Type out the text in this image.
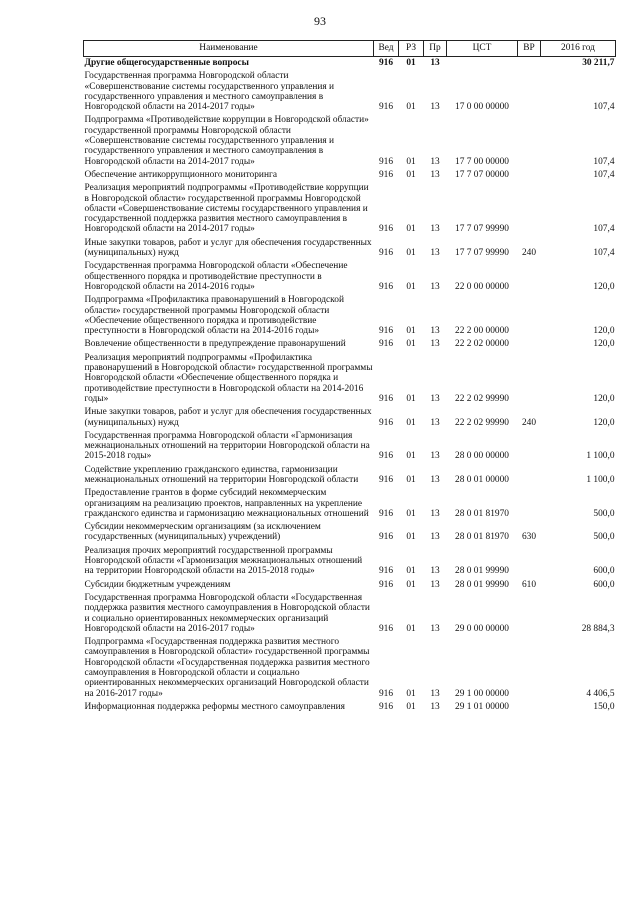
93
Наименование	Вед	РЗ	Пр	ЦСТ	ВР	2016 год
Другие общегосударственные вопросы	916	01	13			30 211,7
Государственная программа Новгородской области «Совершенствование системы государственного управления и государственного управления и местного самоуправления в Новгородской области на 2014-2017 годы»	916	01	13	17 0 00 00000		107,4
Подпрограмма «Противодействие коррупции в Новгородской области» государственной программы Новгородской области «Совершенствование системы государственного управления и государственного управления и местного самоуправления в Новгородской области на 2014-2017 годы»	916	01	13	17 7 00 00000		107,4
Обеспечение антикоррупционного мониторинга	916	01	13	17 7 07 00000		107,4
Реализация мероприятий подпрограммы «Противодействие коррупции в Новгородской области» государственной программы Новгородской области «Совершенствование системы государственного управления и государственной поддержка развития местного самоуправления в Новгородской области на 2014-2017 годы»	916	01	13	17 7 07 99990		107,4
Иные закупки товаров, работ и услуг для обеспечения государственных (муниципальных) нужд	916	01	13	17 7 07 99990	240	107,4
Государственная программа Новгородской области «Обеспечение общественного порядка и противодействие преступности в Новгородской области на 2014-2016 годы»	916	01	13	22 0 00 00000		120,0
Подпрограмма «Профилактика правонарушений в Новгородской области» государственной программы Новгородской области «Обеспечение общественного порядка и противодействие преступности в Новгородской области на 2014-2016 годы»	916	01	13	22 2 00 00000		120,0
Вовлечение общественности в предупреждение правонарушений	916	01	13	22 2 02 00000		120,0
Реализация мероприятий подпрограммы «Профилактика правонарушений в Новгородской области» государственной программы Новгородской области «Обеспечение общественного порядка и противодействие преступности в Новгородской области на 2014-2016 годы»	916	01	13	22 2 02 99990		120,0
Иные закупки товаров, работ и услуг для обеспечения государственных (муниципальных) нужд	916	01	13	22 2 02 99990	240	120,0
Государственная программа Новгородской области «Гармонизация межнациональных отношений на территории Новгородской области на 2015-2018 годы»	916	01	13	28 0 00 00000		1 100,0
Содействие укреплению гражданского единства, гармонизации межнациональных отношений на территории Новгородской области	916	01	13	28 0 01 00000		1 100,0
Предоставление грантов в форме субсидий некоммерческим организациям на реализацию проектов, направленных на укрепление гражданского единства и гармонизацию межнациональных отношений	916	01	13	28 0 01 81970		500,0
Субсидии некоммерческим организациям (за исключением государственных (муниципальных) учреждений)	916	01	13	28 0 01 81970	630	500,0
Реализация прочих мероприятий государственной программы Новгородской области «Гармонизация межнациональных отношений на территории Новгородской области на 2015-2018 годы»	916	01	13	28 0 01 99990		600,0
Субсидии бюджетным учреждениям	916	01	13	28 0 01 99990	610	600,0
Государственная программа Новгородской области «Государственная поддержка развития местного самоуправления в Новгородской области и социально ориентированных некоммерческих организаций Новгородской области на 2016-2017 годы»	916	01	13	29 0 00 00000		28 884,3
Подпрограмма «Государственная поддержка развития местного самоуправления в Новгородской области» государственной программы Новгородской области «Государственная поддержка развития местного самоуправления в Новгородской области и социально ориентированных некоммерческих организаций Новгородской области на 2016-2017 годы»	916	01	13	29 1 00 00000		4 406,5
Информационная поддержка реформы местного самоуправления	916	01	13	29 1 01 00000		150,0
